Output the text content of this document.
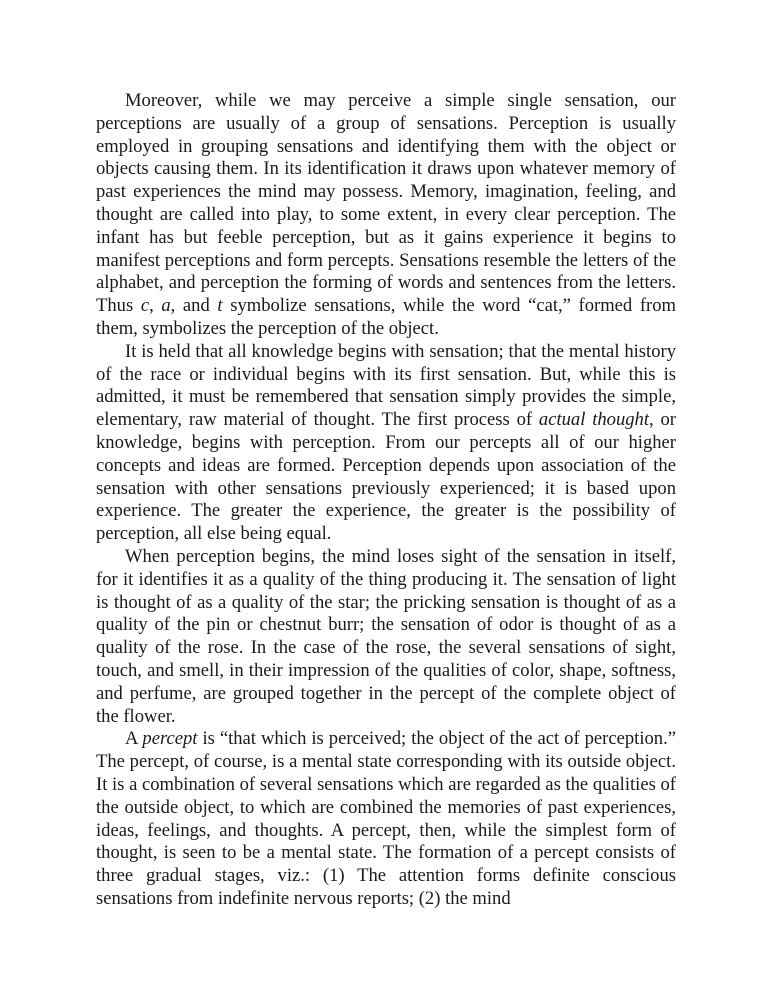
Moreover, while we may perceive a simple single sensation, our perceptions are usually of a group of sensations. Perception is usually employed in grouping sensations and identifying them with the object or objects causing them. In its identification it draws upon whatever memory of past experiences the mind may possess. Memory, imagination, feeling, and thought are called into play, to some extent, in every clear perception. The infant has but feeble perception, but as it gains experience it begins to manifest perceptions and form percepts. Sensations resemble the letters of the alphabet, and perception the forming of words and sentences from the letters. Thus c, a, and t symbolize sensations, while the word “cat,” formed from them, symbolizes the perception of the object.

It is held that all knowledge begins with sensation; that the mental history of the race or individual begins with its first sensation. But, while this is admitted, it must be remembered that sensation simply provides the simple, elementary, raw material of thought. The first process of actual thought, or knowledge, begins with perception. From our percepts all of our higher concepts and ideas are formed. Perception depends upon association of the sensation with other sensations previously experienced; it is based upon experience. The greater the experience, the greater is the possibility of perception, all else being equal.

When perception begins, the mind loses sight of the sensation in itself, for it identifies it as a quality of the thing producing it. The sensation of light is thought of as a quality of the star; the pricking sensation is thought of as a quality of the pin or chestnut burr; the sensation of odor is thought of as a quality of the rose. In the case of the rose, the several sensations of sight, touch, and smell, in their impression of the qualities of color, shape, softness, and perfume, are grouped together in the percept of the complete object of the flower.

A percept is “that which is perceived; the object of the act of perception.” The percept, of course, is a mental state corresponding with its outside object. It is a combination of several sensations which are regarded as the qualities of the outside object, to which are combined the memories of past experiences, ideas, feelings, and thoughts. A percept, then, while the simplest form of thought, is seen to be a mental state. The formation of a percept consists of three gradual stages, viz.: (1) The attention forms definite conscious sensations from indefinite nervous reports; (2) the mind
